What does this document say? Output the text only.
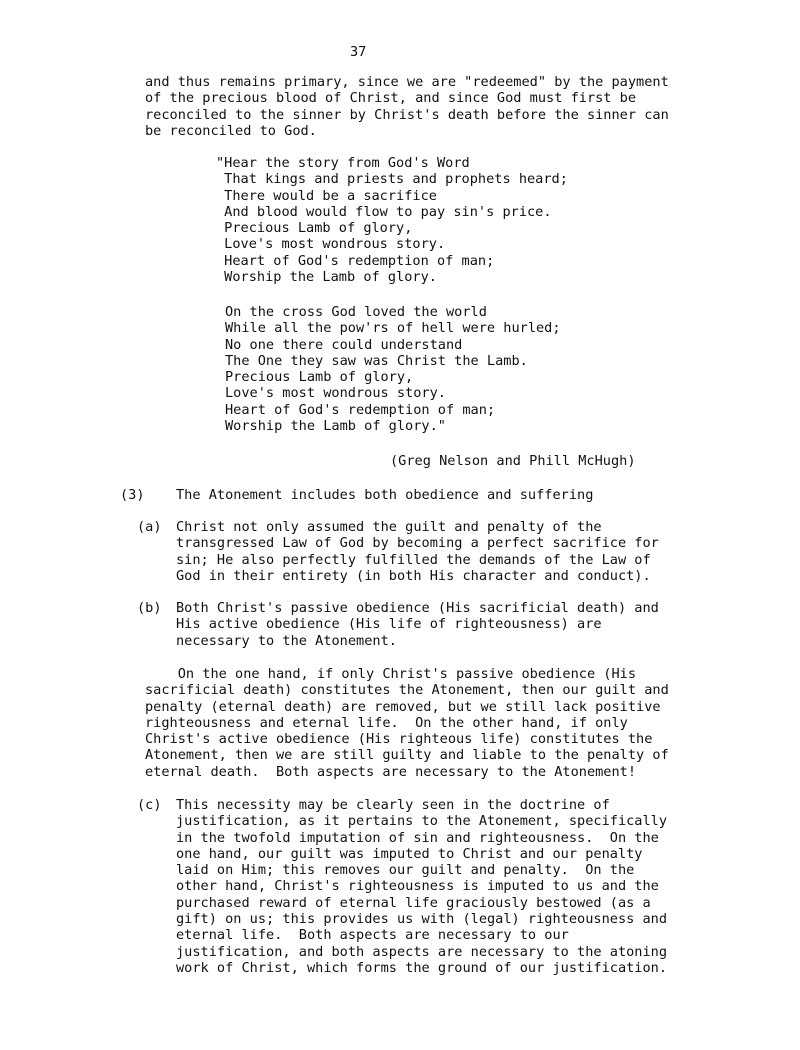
37

and thus remains primary, since we are "redeemed" by the payment
of the precious blood of Christ, and since God must first be
reconciled to the sinner by Christ's death before the sinner can
be reconciled to God.
"Hear the story from God's Word
That kings and priests and prophets heard;
There would be a sacrifice
And blood would flow to pay sin's price.
Precious Lamb of glory,
Love's most wondrous story.
Heart of God's redemption of man;
Worship the Lamb of glory.
On the cross God loved the world
While all the pow'rs of hell were hurled;
No one there could understand
The One they saw was Christ the Lamb.
Precious Lamb of glory,
Love's most wondrous story.
Heart of God's redemption of man;
Worship the Lamb of glory."
(Greg Nelson and Phill McHugh)
(3) The Atonement includes both obedience and suffering
(a) Christ not only assumed the guilt and penalty of the
transgressed Law of God by becoming a perfect sacrifice for
sin; He also perfectly fulfilled the demands of the Law of
God in their entirety (in both His character and conduct).
(b) Both Christ's passive obedience (His sacrificial death) and
His active obedience (His life of righteousness) are
necessary to the Atonement.
On the one hand, if only Christ's passive obedience (His
sacrificial death) constitutes the Atonement, then our guilt and
penalty (eternal death) are removed, but we still lack positive
righteousness and eternal life.  On the other hand, if only
Christ's active obedience (His righteous life) constitutes the
Atonement, then we are still guilty and liable to the penalty of
eternal death.  Both aspects are necessary to the Atonement!
(c) This necessity may be clearly seen in the doctrine of
justification, as it pertains to the Atonement, specifically
in the twofold imputation of sin and righteousness.  On the
one hand, our guilt was imputed to Christ and our penalty
laid on Him; this removes our guilt and penalty.  On the
other hand, Christ's righteousness is imputed to us and the
purchased reward of eternal life graciously bestowed (as a
gift) on us; this provides us with (legal) righteousness and
eternal life.  Both aspects are necessary to our
justification, and both aspects are necessary to the atoning
work of Christ, which forms the ground of our justification.
